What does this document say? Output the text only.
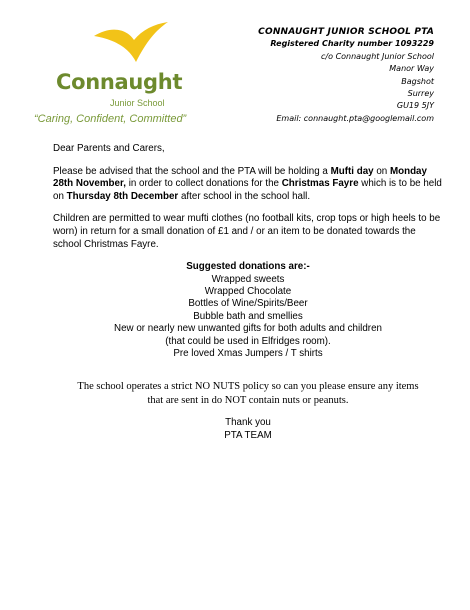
Connaught
Junior School
“Caring, Confident, Committed”
CONNAUGHT JUNIOR SCHOOL PTA
Registered Charity number 1093229
c/o Connaught Junior School
Manor Way
Bagshot
Surrey
GU19 5JY
Email: connaught.pta@googlemail.com

Dear Parents and Carers,

Please be advised that the school and the PTA will be holding a Mufti day on Monday 28th November, in order to collect donations for the Christmas Fayre which is to be held on Thursday 8th December after school in the school hall.

Children are permitted to wear mufti clothes (no football kits, crop tops or high heels to be worn) in return for a small donation of £1 and / or an item to be donated towards the school Christmas Fayre.

Suggested donations are:-
Wrapped sweets
Wrapped Chocolate
Bottles of Wine/Spirits/Beer
Bubble bath and smellies
New or nearly new unwanted gifts for both adults and children
(that could be used in Elfridges room).
Pre loved Xmas Jumpers / T shirts
The school operates a strict NO NUTS policy so can you please ensure any items
that are sent in do NOT contain nuts or peanuts.
Thank you
PTA TEAM
